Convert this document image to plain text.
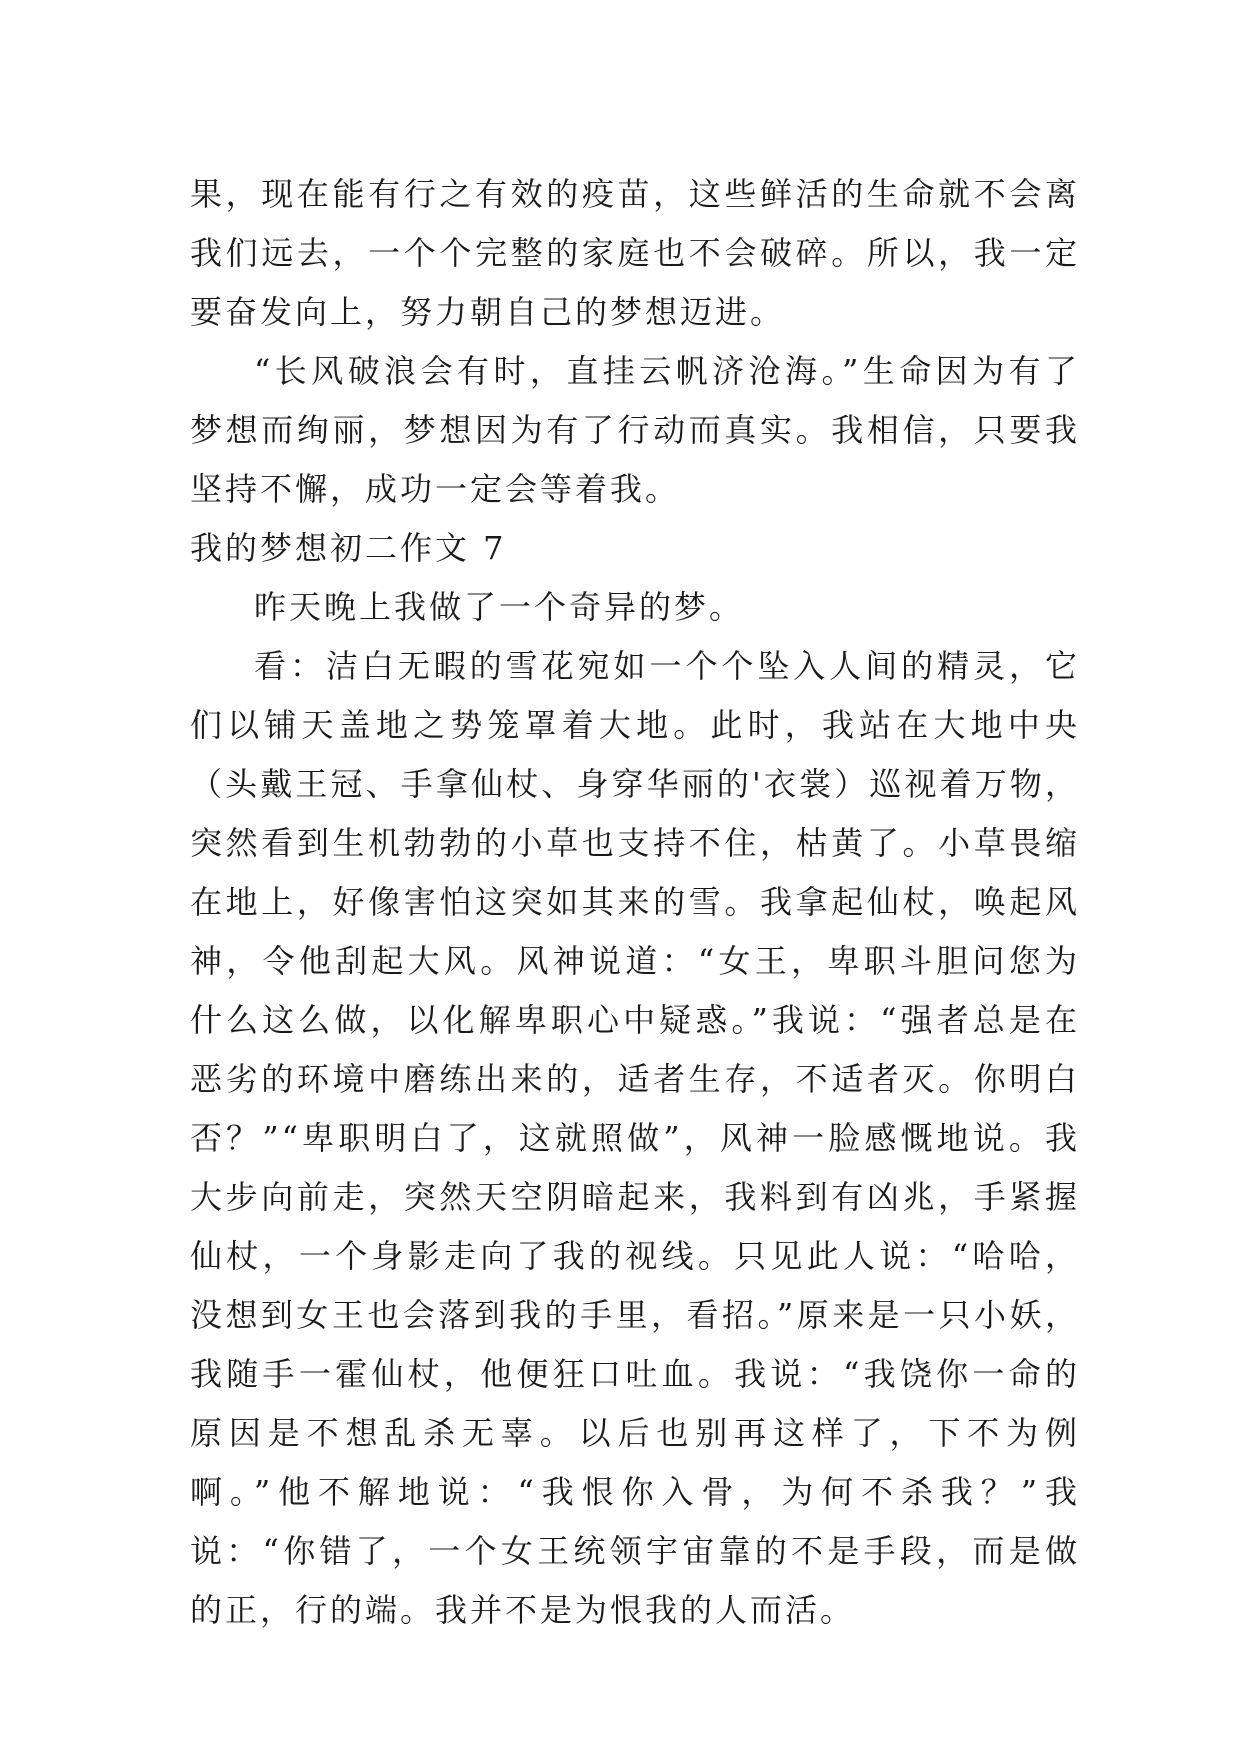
果，现在能有行之有效的疫苗，这些鲜活的生命就不会离我们远去，一个个完整的家庭也不会破碎。所以，我一定要奋发向上，努力朝自己的梦想迈进。

“长风破浪会有时，直挂云帆济沧海。”生命因为有了梦想而绚丽，梦想因为有了行动而真实。我相信，只要我坚持不懈，成功一定会等着我。

我的梦想初二作文 7

昨天晚上我做了一个奇异的梦。

看：洁白无暇的雪花宛如一个个坠入人间的精灵，它们以铺天盖地之势笼罩着大地。此时，我站在大地中央（头戴王冠、手拿仙杖、身穿华丽的'衣裳）巡视着万物，突然看到生机勃勃的小草也支持不住，枯黄了。小草畏缩在地上，好像害怕这突如其来的雪。我拿起仙杖，唤起风神，令他刮起大风。风神说道：“女王，卑职斗胆问您为什么这么做，以化解卑职心中疑惑。”我说：“强者总是在恶劣的环境中磨练出来的，适者生存，不适者灭。你明白否？”“卑职明白了，这就照做”，风神一脸感慨地说。我大步向前走，突然天空阴暗起来，我料到有凶兆，手紧握仙杖，一个身影走向了我的视线。只见此人说：“哈哈，没想到女王也会落到我的手里，看招。”原来是一只小妖，我随手一霍仙杖，他便狂口吐血。我说：“我饶你一命的原因是不想乱杀无辜。以后也别再这样了，下不为例啊。”他不解地说：“我恨你入骨，为何不杀我？”我说：“你错了，一个女王统领宇宙靠的不是手段，而是做的正，行的端。我并不是为恨我的人而活。
